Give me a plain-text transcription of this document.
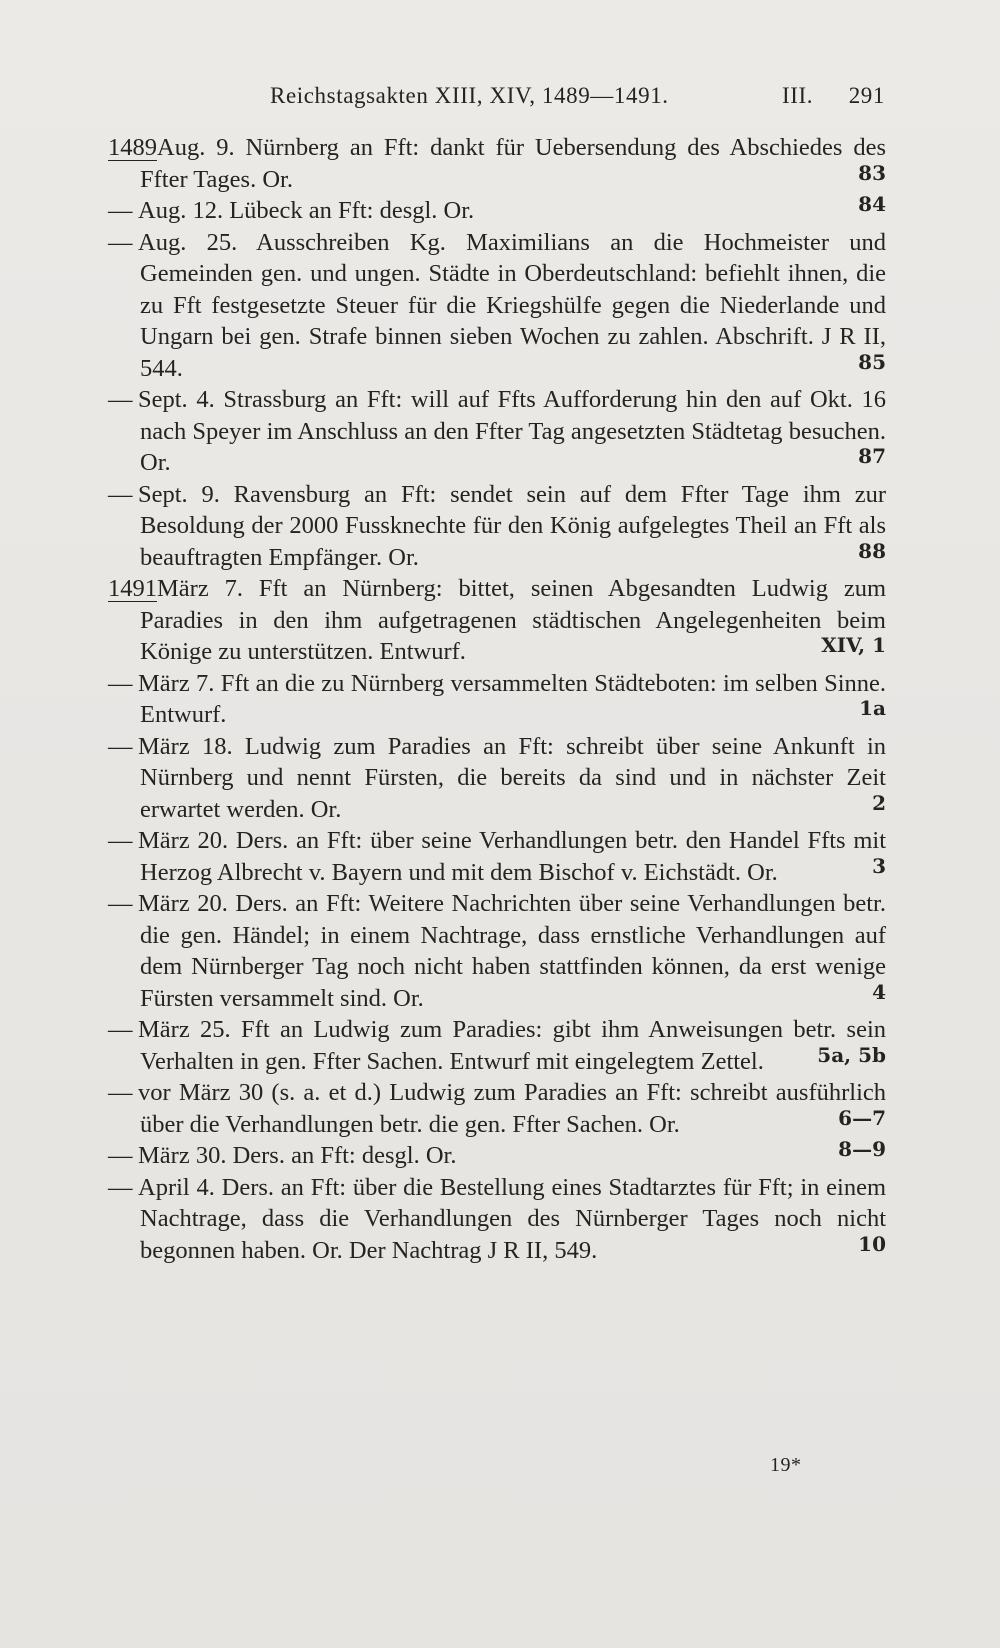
Reichstagsakten XIII, XIV, 1489—1491.	III. 291
1489Aug. 9. Nürnberg an Fft: dankt für Uebersendung des Abschiedes des Ffter Tages. Or.	83
— Aug. 12. Lübeck an Fft: desgl. Or.	84
— Aug. 25. Ausschreiben Kg. Maximilians an die Hochmeister und Gemeinden gen. und ungen. Städte in Oberdeutschland: befiehlt ihnen, die zu Fft festgesetzte Steuer für die Kriegshülfe gegen die Niederlande und Ungarn bei gen. Strafe binnen sieben Wochen zu zahlen. Abschrift. J R II, 544.	85
— Sept. 4. Strassburg an Fft: will auf Ffts Aufforderung hin den auf Okt. 16 nach Speyer im Anschluss an den Ffter Tag angesetzten Städtetag besuchen. Or.	87
— Sept. 9. Ravensburg an Fft: sendet sein auf dem Ffter Tage ihm zur Besoldung der 2000 Fussknechte für den König aufgelegtes Theil an Fft als beauftragten Empfänger. Or.	88
1491März 7. Fft an Nürnberg: bittet, seinen Abgesandten Ludwig zum Paradies in den ihm aufgetragenen städtischen Angelegenheiten beim Könige zu unterstützen. Entwurf.	XIV, 1
— März 7. Fft an die zu Nürnberg versammelten Städteboten: im selben Sinne. Entwurf.	1a
— März 18. Ludwig zum Paradies an Fft: schreibt über seine Ankunft in Nürnberg und nennt Fürsten, die bereits da sind und in nächster Zeit erwartet werden. Or.	2
— März 20. Ders. an Fft: über seine Verhandlungen betr. den Handel Ffts mit Herzog Albrecht v. Bayern und mit dem Bischof v. Eichstädt. Or.	3
— März 20. Ders. an Fft: Weitere Nachrichten über seine Verhandlungen betr. die gen. Händel; in einem Nachtrage, dass ernstliche Verhandlungen auf dem Nürnberger Tag noch nicht haben stattfinden können, da erst wenige Fürsten versammelt sind. Or.	4
— März 25. Fft an Ludwig zum Paradies: gibt ihm Anweisungen betr. sein Verhalten in gen. Ffter Sachen. Entwurf mit eingelegtem Zettel.	5a, 5b
— vor März 30 (s. a. et d.) Ludwig zum Paradies an Fft: schreibt ausführlich über die Verhandlungen betr. die gen. Ffter Sachen. Or.	6—7
— März 30. Ders. an Fft: desgl. Or.	8—9
— April 4. Ders. an Fft: über die Bestellung eines Stadtarztes für Fft; in einem Nachtrage, dass die Verhandlungen des Nürnberger Tages noch nicht begonnen haben. Or. Der Nachtrag J R II, 549.	10
19*
